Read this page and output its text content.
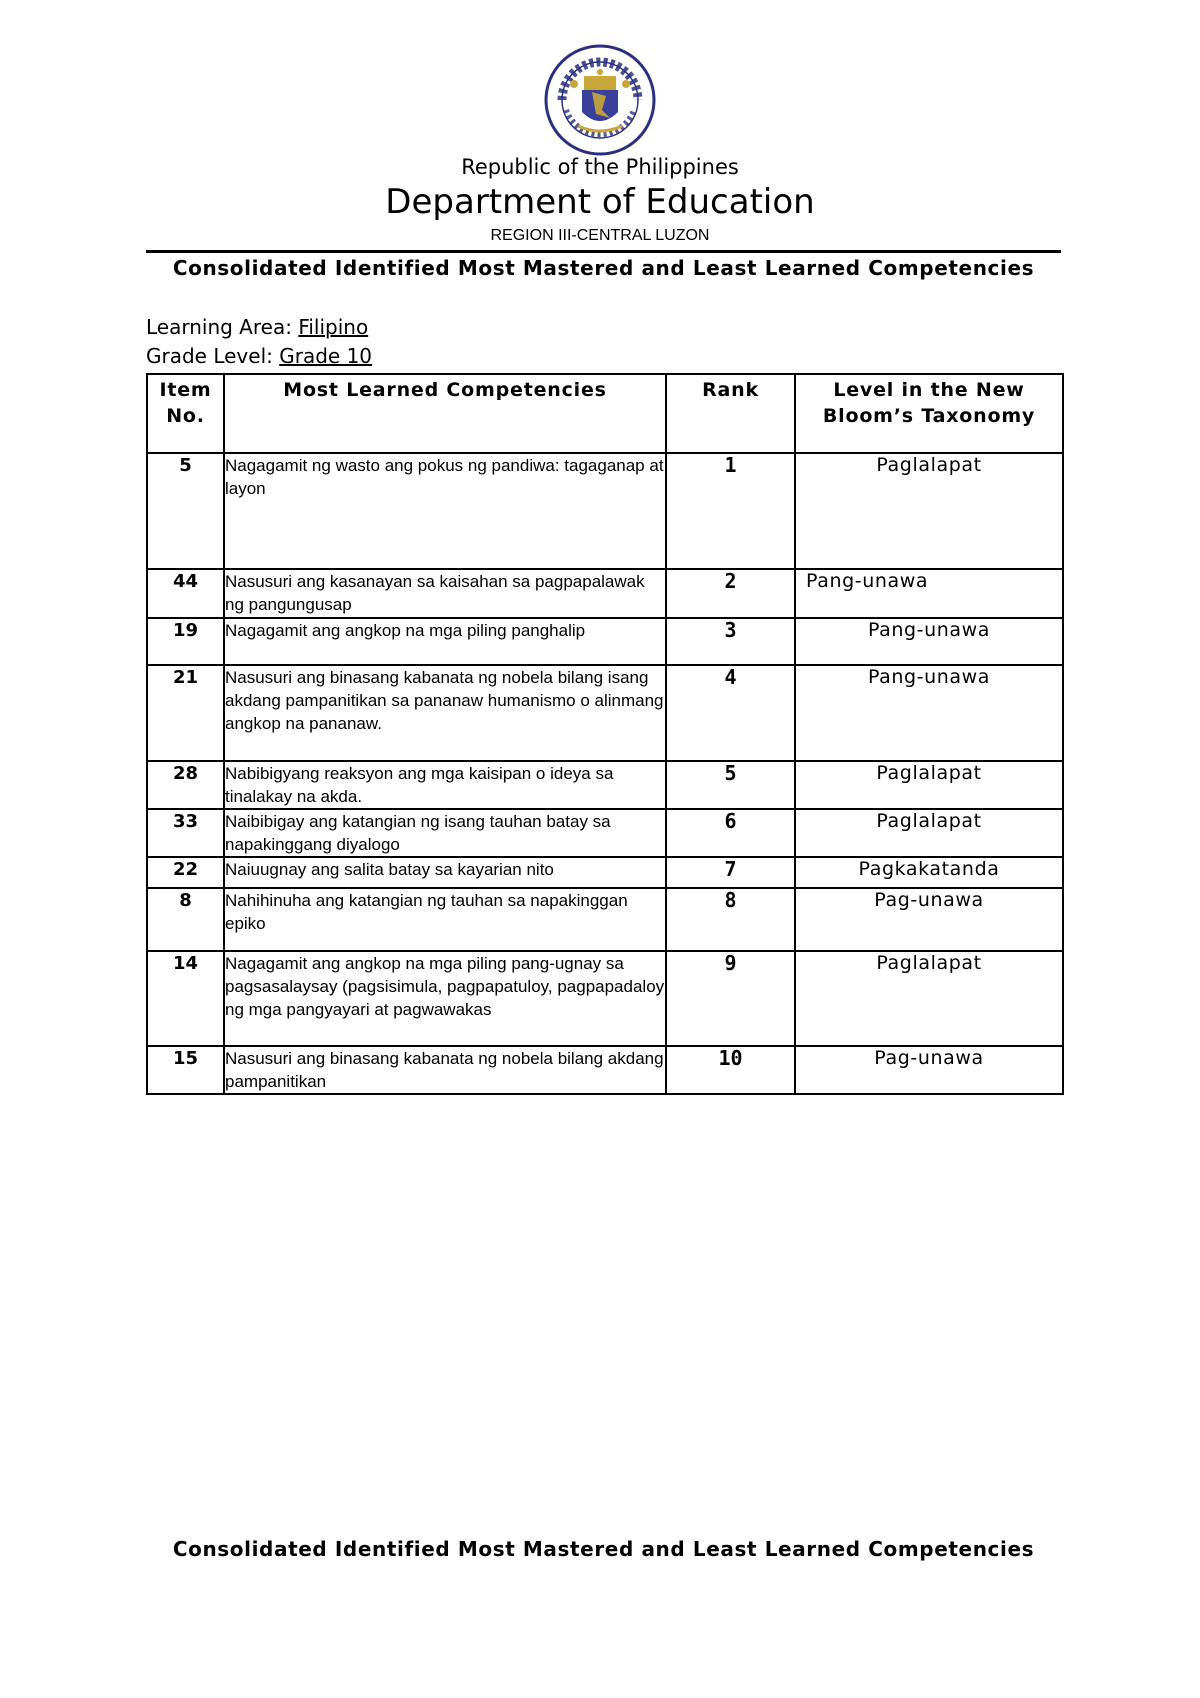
Republic of the Philippines

Department of Education

REGION III-CENTRAL LUZON

Consolidated Identified Most Mastered and Least Learned Competencies

Learning Area: Filipino
Grade Level: Grade 10
Item No.	Most Learned Competencies	Rank	Level in the New Bloom’s Taxonomy
5	Nagagamit ng wasto ang pokus ng pandiwa: tagaganap at layon	1	Paglalapat
44	Nasusuri ang kasanayan sa kaisahan sa pagpapalawak ng pangungusap	2	Pang-unawa
19	Nagagamit ang angkop na mga piling panghalip	3	Pang-unawa
21	Nasusuri ang binasang kabanata ng nobela bilang isang akdang pampanitikan sa pananaw humanismo o alinmang angkop na pananaw.	4	Pang-unawa
28	Nabibigyang reaksyon ang mga kaisipan o ideya sa tinalakay na akda.	5	Paglalapat
33	Naibibigay ang katangian ng isang tauhan batay sa napakinggang diyalogo	6	Paglalapat
22	Naiuugnay ang salita batay sa kayarian nito	7	Pagkakatanda
8	Nahihinuha ang katangian ng tauhan sa napakinggan epiko	8	Pag-unawa
14	Nagagamit ang angkop na mga piling pang-ugnay sa pagsasalaysay (pagsisimula, pagpapatuloy, pagpapadaloy ng mga pangyayari at pagwawakas	9	Paglalapat
15	Nasusuri ang binasang kabanata ng nobela bilang akdang pampanitikan	10	Pag-unawa

Consolidated Identified Most Mastered and Least Learned Competencies
